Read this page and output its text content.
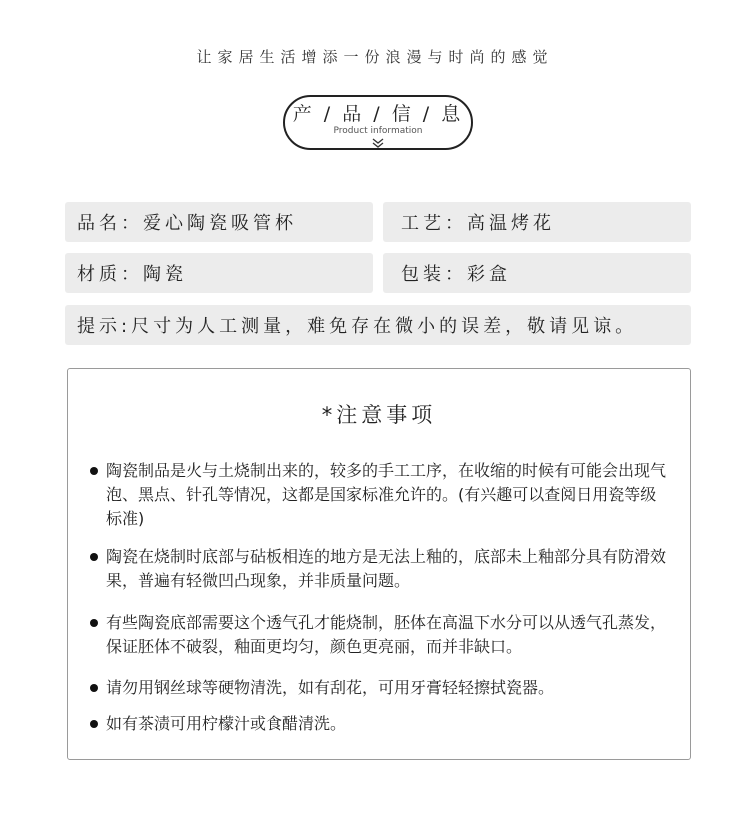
让家居生活增添一份浪漫与时尚的感觉
产 / 品 / 信 / 息
Product information
品名： 爱心陶瓷吸管杯	工艺： 高温烤花
材质： 陶瓷	包装： 彩盒
提示: 尺寸为人工测量，难免存在微小的误差，敬请见谅。
*注意事项
陶瓷制品是火与土烧制出来的，较多的手工工序，在收缩的时候有可能会出现气泡、黑点、针孔等情况，这都是国家标准允许的。(有兴趣可以查阅日用瓷等级标准)
陶瓷在烧制时底部与砧板相连的地方是无法上釉的，底部未上釉部分具有防滑效果，普遍有轻微凹凸现象，并非质量问题。
有些陶瓷底部需要这个透气孔才能烧制，胚体在高温下水分可以从透气孔蒸发，保证胚体不破裂，釉面更均匀，颜色更亮丽，而并非缺口。
请勿用钢丝球等硬物清洗，如有刮花，可用牙膏轻轻擦拭瓷器。
如有茶渍可用柠檬汁或食醋清洗。
